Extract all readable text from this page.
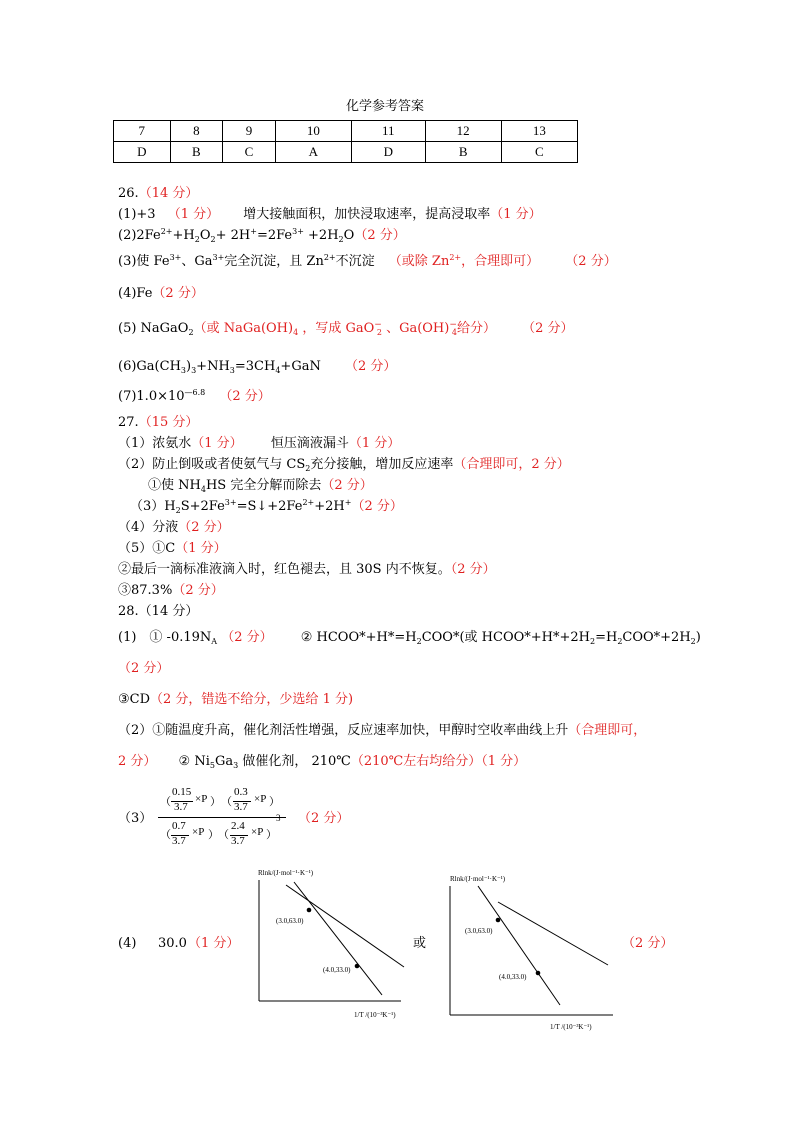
化学参考答案
7	8	9	10	11	12	13
D	B	C	A	D	B	C
26.（14 分）
(1)+3 （1 分） 增大接触面积，加快浸取速率，提高浸取率（1 分）
$(2)2Fe^{2+}+H_2O_2+ 2H^+=2Fe^{3+} +2H_2O(2$ 分）
(3)使 $Fe^{3+}$、$Ga^{3+}$完全沉淀，且 $Zn^{2+}$不沉淀 （或除 $Zn^{2+}$，合理即可） （2 分）
(4)Fe（2 分）
(5) NaGaO$_2$（或 $NaGa(OH)_4$ ，写成 GaO−$_2$ 、$Ga(OH)^-_4$给分） （2 分）
$(6)Ga(CH_3)_3+NH_3=3CH_4+GaN$ （2 分）
$(7)1.0\times 10^{—6.8}$ （2 分）
27.（15 分）
（1）浓氨水（1 分） 恒压滴液漏斗（1 分）
（2）防止倒吸或者使氨气与 $CS_2$充分接触，增加反应速率（合理即可，2 分）
①使 $NH_4HS$ 完全分解而除去（2 分）
$(3)H_2S+2Fe^{3+}=S↓+2Fe^{2+}+2H^+(2$ 分）
（4）分液（2 分）
（5）①C（1 分）
②最后一滴标准液滴入时，红色褪去，且 30S 内不恢复。（2 分）
③87.3%（2 分）
28.（14 分）
(1)　① $-0.19N_A$ （2 分） ② $HCOO*+H*=H_2COO*$(或 $HCOO*+H*+2H_2=H_2COO*+2H_2$)
（2 分）
③CD（2 分，错选不给分，少选给 1 分)
（2）①随温度升高，催化剂活性增强，反应速率加快，甲醇时空收率曲线上升（合理即可，
2 分） ② $Ni_5Ga_3$ 做催化剂， 210℃（210℃左右均给分）（1 分）
（3）
（
0.15
3.7
×P ） （
0.3
3.7
×P ）
（
0.7
3.7
×P ） （
2.4
3.7
×P ）
3 （2 分）
(4) 30.0 （1 分）	或	（2 分）
Rlnk/(J·mol⁻¹·K⁻¹)
(3.0,63.0)
(4.0,33.0)
1/T /(10⁻³K⁻¹)
Rlnk/(J·mol⁻¹·K⁻¹)
(3.0,63.0)
(4.0,33.0)
1/T /(10⁻³K⁻¹)
